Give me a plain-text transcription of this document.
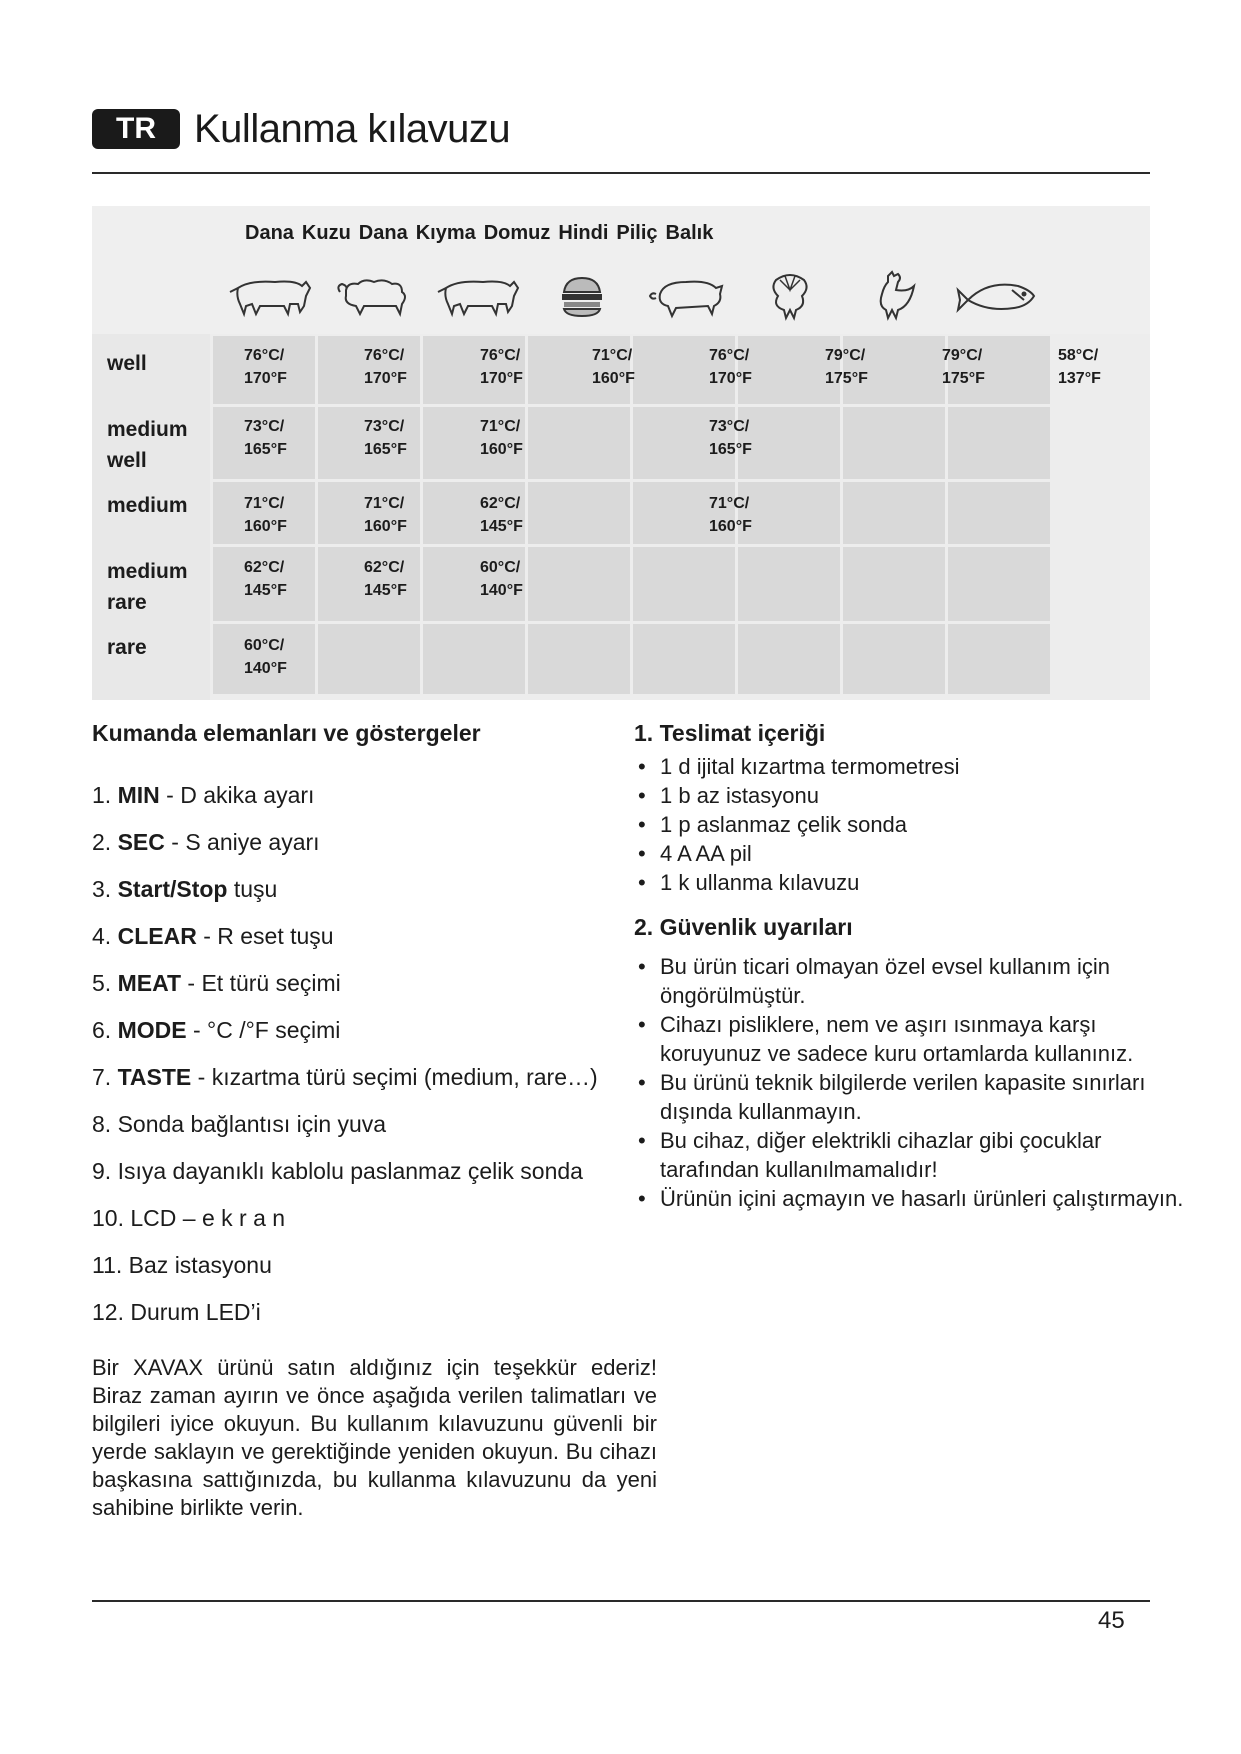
TR Kullanma kılavuzu
Dana Kuzu Dana Kıyma Domuz Hindi Piliç Balık
well
medium well
medium
medium rare
rare
76°C/
170°F
76°C/
170°F
76°C/
170°F
71°C/
160°F
76°C/
170°F
79°C/
175°F
79°C/
175°F
58°C/
137°F
73°C/
165°F
73°C/
165°F
71°C/
160°F
73°C/
165°F
71°C/
160°F
71°C/
160°F
62°C/
145°F
71°C/
160°F
62°C/
145°F
62°C/
145°F
60°C/
140°F
60°C/
140°F
Kumanda elemanları ve göstergeler
1. MIN - D akika ayarı
2. SEC - S aniye ayarı
3. Start/Stop tuşu
4. CLEAR - R eset tuşu
5. MEAT - Et türü seçimi
6. MODE - °C /°F seçimi
7. TASTE - kızartma türü seçimi (medium, rare…)
8. Sonda bağlantısı için yuva
9. Isıya dayanıklı kablolu paslanmaz çelik sonda
10. LCD – e k r a n
11. Baz istasyonu
12. Durum LED’i
Bir XAVAX ürünü satın aldığınız için teşekkür ederiz! Biraz zaman ayırın ve önce aşağıda verilen talimatları ve bilgileri iyice okuyun. Bu kullanım kılavuzunu güvenli bir yerde saklayın ve gerektiğinde yeniden okuyun. Bu cihazı başkasına sattığınızda, bu kullanma kılavuzunu da yeni sahibine birlikte verin.
1. Teslimat içeriği
• 1 d ijital kızartma termometresi
• 1 b az istasyonu
• 1 p aslanmaz çelik sonda
• 4 A AA pil
• 1 k ullanma kılavuzu
2. Güvenlik uyarıları
• Bu ürün ticari olmayan özel evsel kullanım için öngörülmüştür.
• Cihazı pisliklere, nem ve aşırı ısınmaya karşı koruyunuz ve sadece kuru ortamlarda kullanınız.
• Bu ürünü teknik bilgilerde verilen kapasite sınırları dışında kullanmayın.
• Bu cihaz, diğer elektrikli cihazlar gibi çocuklar tarafından kullanılmamalıdır!
• Ürünün içini açmayın ve hasarlı ürünleri çalıştırmayın.
45
